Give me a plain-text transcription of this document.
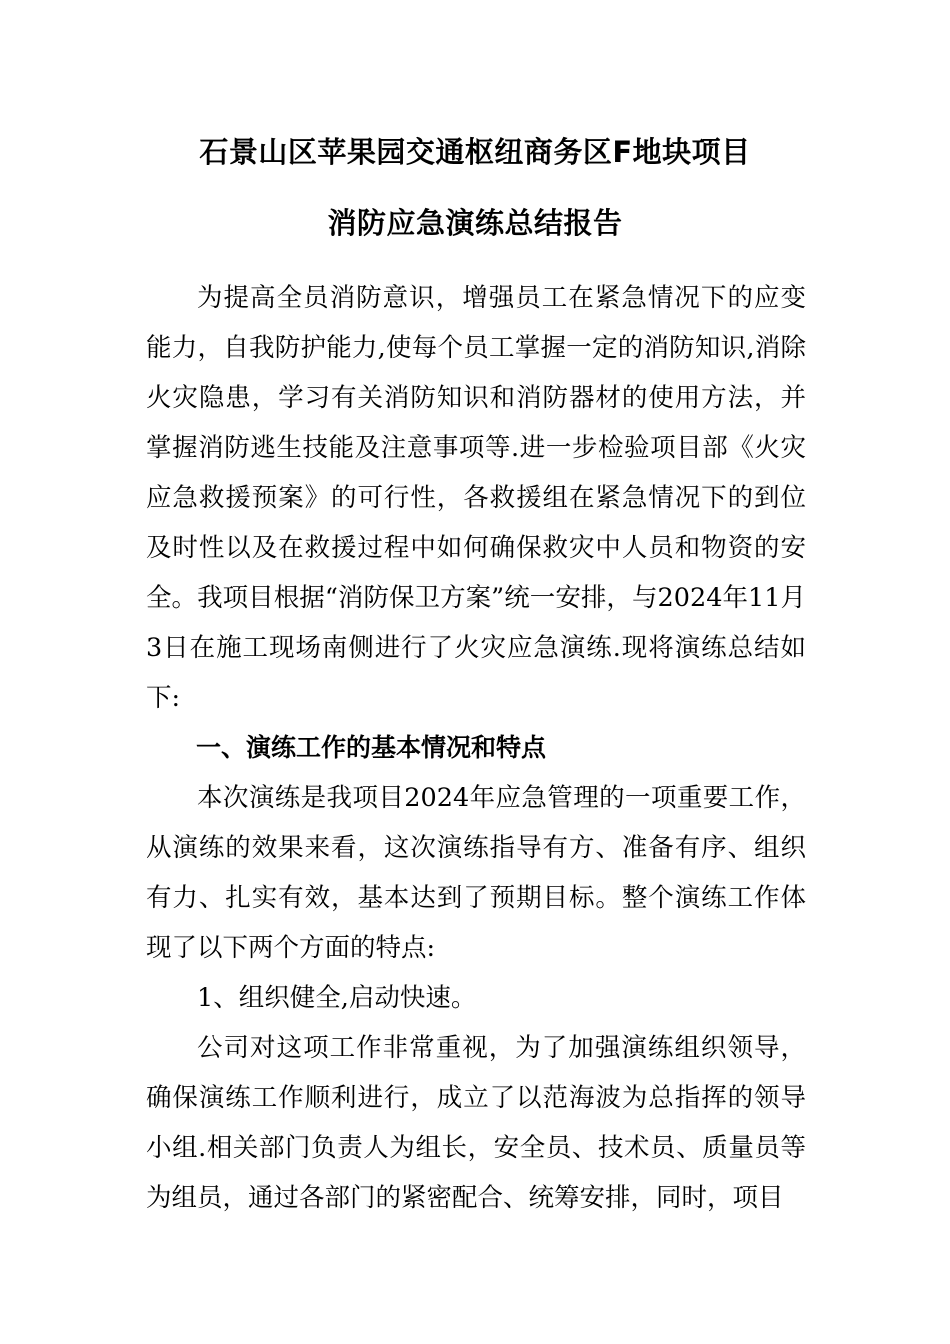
石景山区苹果园交通枢纽商务区F地块项目
消防应急演练总结报告

为提高全员消防意识，增强员工在紧急情况下的应变能力，自我防护能力,使每个员工掌握一定的消防知识,消除火灾隐患，学习有关消防知识和消防器材的使用方法，并掌握消防逃生技能及注意事项等.进一步检验项目部《火灾应急救援预案》的可行性，各救援组在紧急情况下的到位及时性以及在救援过程中如何确保救灾中人员和物资的安全。我项目根据“消防保卫方案”统一安排，与2024年11月3日在施工现场南侧进行了火灾应急演练.现将演练总结如下:

一、演练工作的基本情况和特点

本次演练是我项目2024年应急管理的一项重要工作，从演练的效果来看，这次演练指导有方、准备有序、组织有力、扎实有效，基本达到了预期目标。整个演练工作体现了以下两个方面的特点:

1、组织健全,启动快速。

公司对这项工作非常重视，为了加强演练组织领导，确保演练工作顺利进行，成立了以范海波为总指挥的领导小组.相关部门负责人为组长，安全员、技术员、质量员等为组员，通过各部门的紧密配合、统筹安排，同时，项目
